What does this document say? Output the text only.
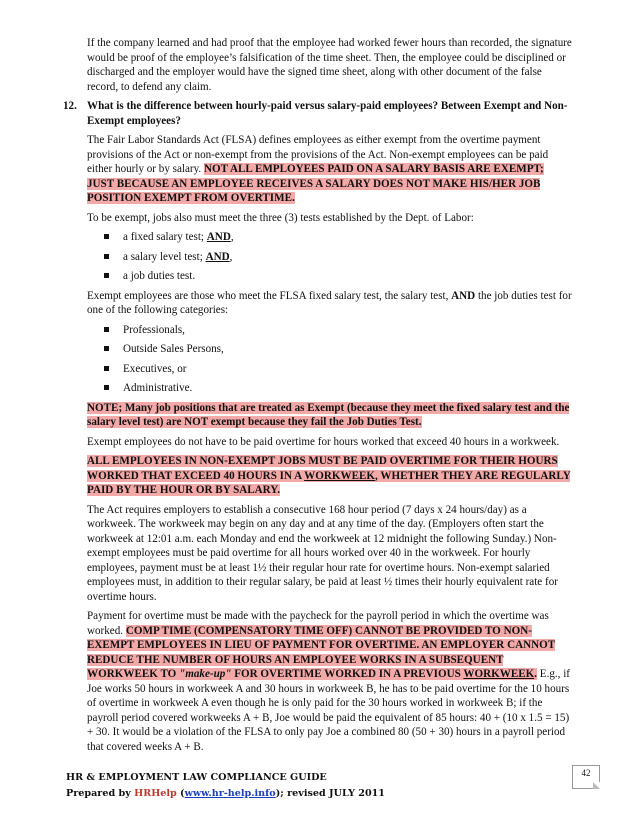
If the company learned and had proof that the employee had worked fewer hours than recorded, the signature would be proof of the employee’s falsification of the time sheet. Then, the employee could be disciplined or discharged and the employer would have the signed time sheet, along with other document of the false record, to defend any claim.

12. What is the difference between hourly-paid versus salary-paid employees? Between Exempt and Non-Exempt employees?

The Fair Labor Standards Act (FLSA) defines employees as either exempt from the overtime payment provisions of the Act or non-exempt from the provisions of the Act. Non-exempt employees can be paid either hourly or by salary. NOT ALL EMPLOYEES PAID ON A SALARY BASIS ARE EXEMPT; JUST BECAUSE AN EMPLOYEE RECEIVES A SALARY DOES NOT MAKE HIS/HER JOB POSITION EXEMPT FROM OVERTIME.

To be exempt, jobs also must meet the three (3) tests established by the Dept. of Labor:

a fixed salary test; AND,
a salary level test; AND,
a job duties test.

Exempt employees are those who meet the FLSA fixed salary test, the salary test, AND the job duties test for one of the following categories:

Professionals,
Outside Sales Persons,
Executives, or
Administrative.

NOTE; Many job positions that are treated as Exempt (because they meet the fixed salary test and the salary level test) are NOT exempt because they fail the Job Duties Test.

Exempt employees do not have to be paid overtime for hours worked that exceed 40 hours in a workweek.

ALL EMPLOYEES IN NON-EXEMPT JOBS MUST BE PAID OVERTIME FOR THEIR HOURS WORKED THAT EXCEED 40 HOURS IN A WORKWEEK, WHETHER THEY ARE REGULARLY PAID BY THE HOUR OR BY SALARY.

The Act requires employers to establish a consecutive 168 hour period (7 days x 24 hours/day) as a workweek. The workweek may begin on any day and at any time of the day. (Employers often start the workweek at 12:01 a.m. each Monday and end the workweek at 12 midnight the following Sunday.) Non-exempt employees must be paid overtime for all hours worked over 40 in the workweek. For hourly employees, payment must be at least 1½ their regular hour rate for overtime hours. Non-exempt salaried employees must, in addition to their regular salary, be paid at least ½ times their hourly equivalent rate for overtime hours.

Payment for overtime must be made with the paycheck for the payroll period in which the overtime was worked. COMP TIME (COMPENSATORY TIME OFF) CANNOT BE PROVIDED TO NON-EXEMPT EMPLOYEES IN LIEU OF PAYMENT FOR OVERTIME. AN EMPLOYER CANNOT REDUCE THE NUMBER OF HOURS AN EMPLOYEE WORKS IN A SUBSEQUENT WORKWEEK TO "make-up" FOR OVERTIME WORKED IN A PREVIOUS WORKWEEK. E.g., if Joe works 50 hours in workweek A and 30 hours in workweek B, he has to be paid overtime for the 10 hours of overtime in workweek A even though he is only paid for the 30 hours worked in workweek B; if the payroll period covered workweeks A + B, Joe would be paid the equivalent of 85 hours: 40 + (10 x 1.5 = 15) + 30. It would be a violation of the FLSA to only pay Joe a combined 80 (50 + 30) hours in a payroll period that covered weeks A + B.

42
HR & EMPLOYMENT LAW COMPLIANCE GUIDE
Prepared by HRHelp (www.hr-help.info); revised JULY 2011
